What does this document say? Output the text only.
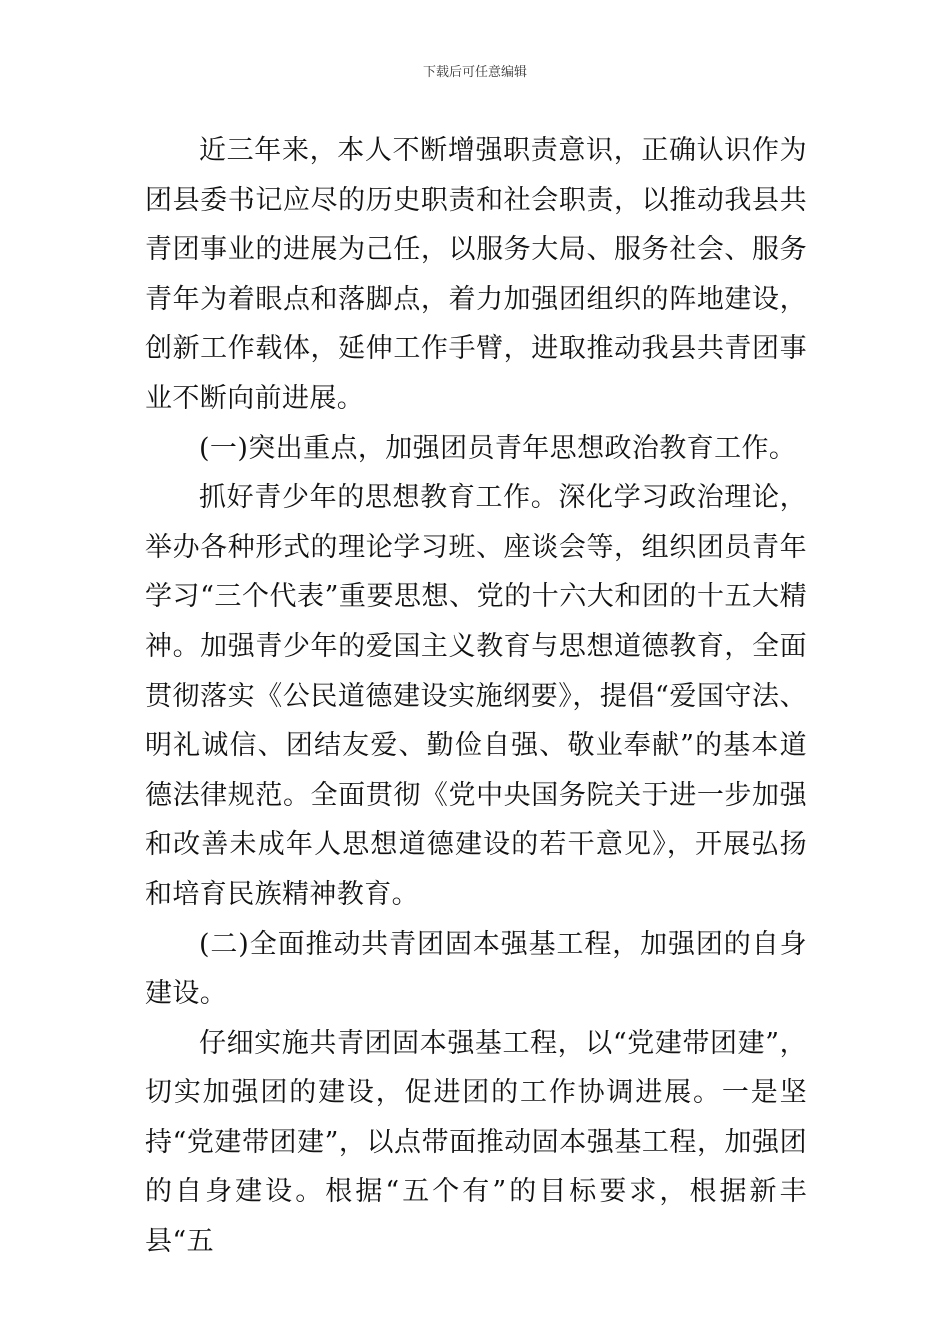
下载后可任意编辑

近三年来，本人不断增强职责意识，正确认识作为团县委书记应尽的历史职责和社会职责，以推动我县共青团事业的进展为己任，以服务大局、服务社会、服务青年为着眼点和落脚点，着力加强团组织的阵地建设，创新工作载体，延伸工作手臂，进取推动我县共青团事业不断向前进展。

(一)突出重点，加强团员青年思想政治教育工作。

抓好青少年的思想教育工作。深化学习政治理论，举办各种形式的理论学习班、座谈会等，组织团员青年学习“三个代表”重要思想、党的十六大和团的十五大精神。加强青少年的爱国主义教育与思想道德教育，全面贯彻落实《公民道德建设实施纲要》，提倡“爱国守法、明礼诚信、团结友爱、勤俭自强、敬业奉献”的基本道德法律规范。全面贯彻《党中央国务院关于进一步加强和改善未成年人思想道德建设的若干意见》，开展弘扬和培育民族精神教育。

(二)全面推动共青团固本强基工程，加强团的自身建设。

仔细实施共青团固本强基工程，以“党建带团建”，切实加强团的建设，促进团的工作协调进展。一是坚持“党建带团建”，以点带面推动固本强基工程，加强团的自身建设。根据“五个有”的目标要求，根据新丰县“五
